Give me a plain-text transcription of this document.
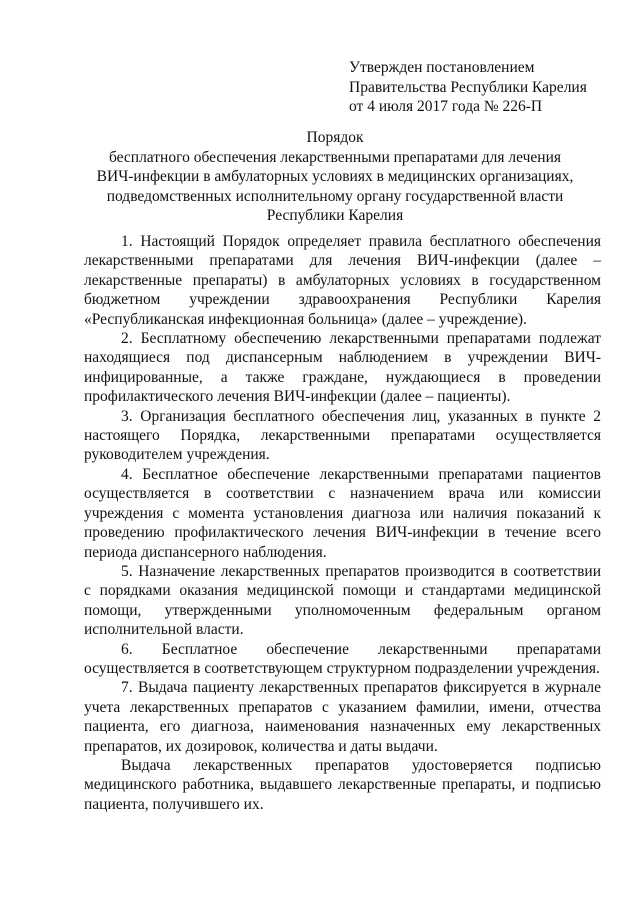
Утвержден постановлением
Правительства Республики Карелия
от 4 июля 2017 года № 226-П
Порядок
бесплатного обеспечения лекарственными препаратами для лечения
ВИЧ-инфекции в амбулаторных условиях в медицинских организациях,
подведомственных исполнительному органу государственной власти
Республики Карелия

1. Настоящий Порядок определяет правила бесплатного обеспечения лекарственными препаратами для лечения ВИЧ-инфекции (далее – лекарственные препараты) в амбулаторных условиях в государственном бюджетном учреждении здравоохранения Республики Карелия «Республиканская инфекционная больница» (далее – учреждение).

2. Бесплатному обеспечению лекарственными препаратами подлежат находящиеся под диспансерным наблюдением в учреждении ВИЧ-инфицированные, а также граждане, нуждающиеся в проведении профилактического лечения ВИЧ-инфекции (далее – пациенты).

3. Организация бесплатного обеспечения лиц, указанных в пункте 2 настоящего Порядка, лекарственными препаратами осуществляется руководителем учреждения.

4. Бесплатное обеспечение лекарственными препаратами пациентов осуществляется в соответствии с назначением врача или комиссии учреждения с момента установления диагноза или наличия показаний к проведению профилактического лечения ВИЧ-инфекции в течение всего периода диспансерного наблюдения.

5. Назначение лекарственных препаратов производится в соответствии с порядками оказания медицинской помощи и стандартами медицинской помощи, утвержденными уполномоченным федеральным органом исполнительной власти.

6. Бесплатное обеспечение лекарственными препаратами осуществляется в соответствующем структурном подразделении учреждения.

7. Выдача пациенту лекарственных препаратов фиксируется в журнале учета лекарственных препаратов с указанием фамилии, имени, отчества пациента, его диагноза, наименования назначенных ему лекарственных препаратов, их дозировок, количества и даты выдачи.

Выдача лекарственных препаратов удостоверяется подписью медицинского работника, выдавшего лекарственные препараты, и подписью пациента, получившего их.
